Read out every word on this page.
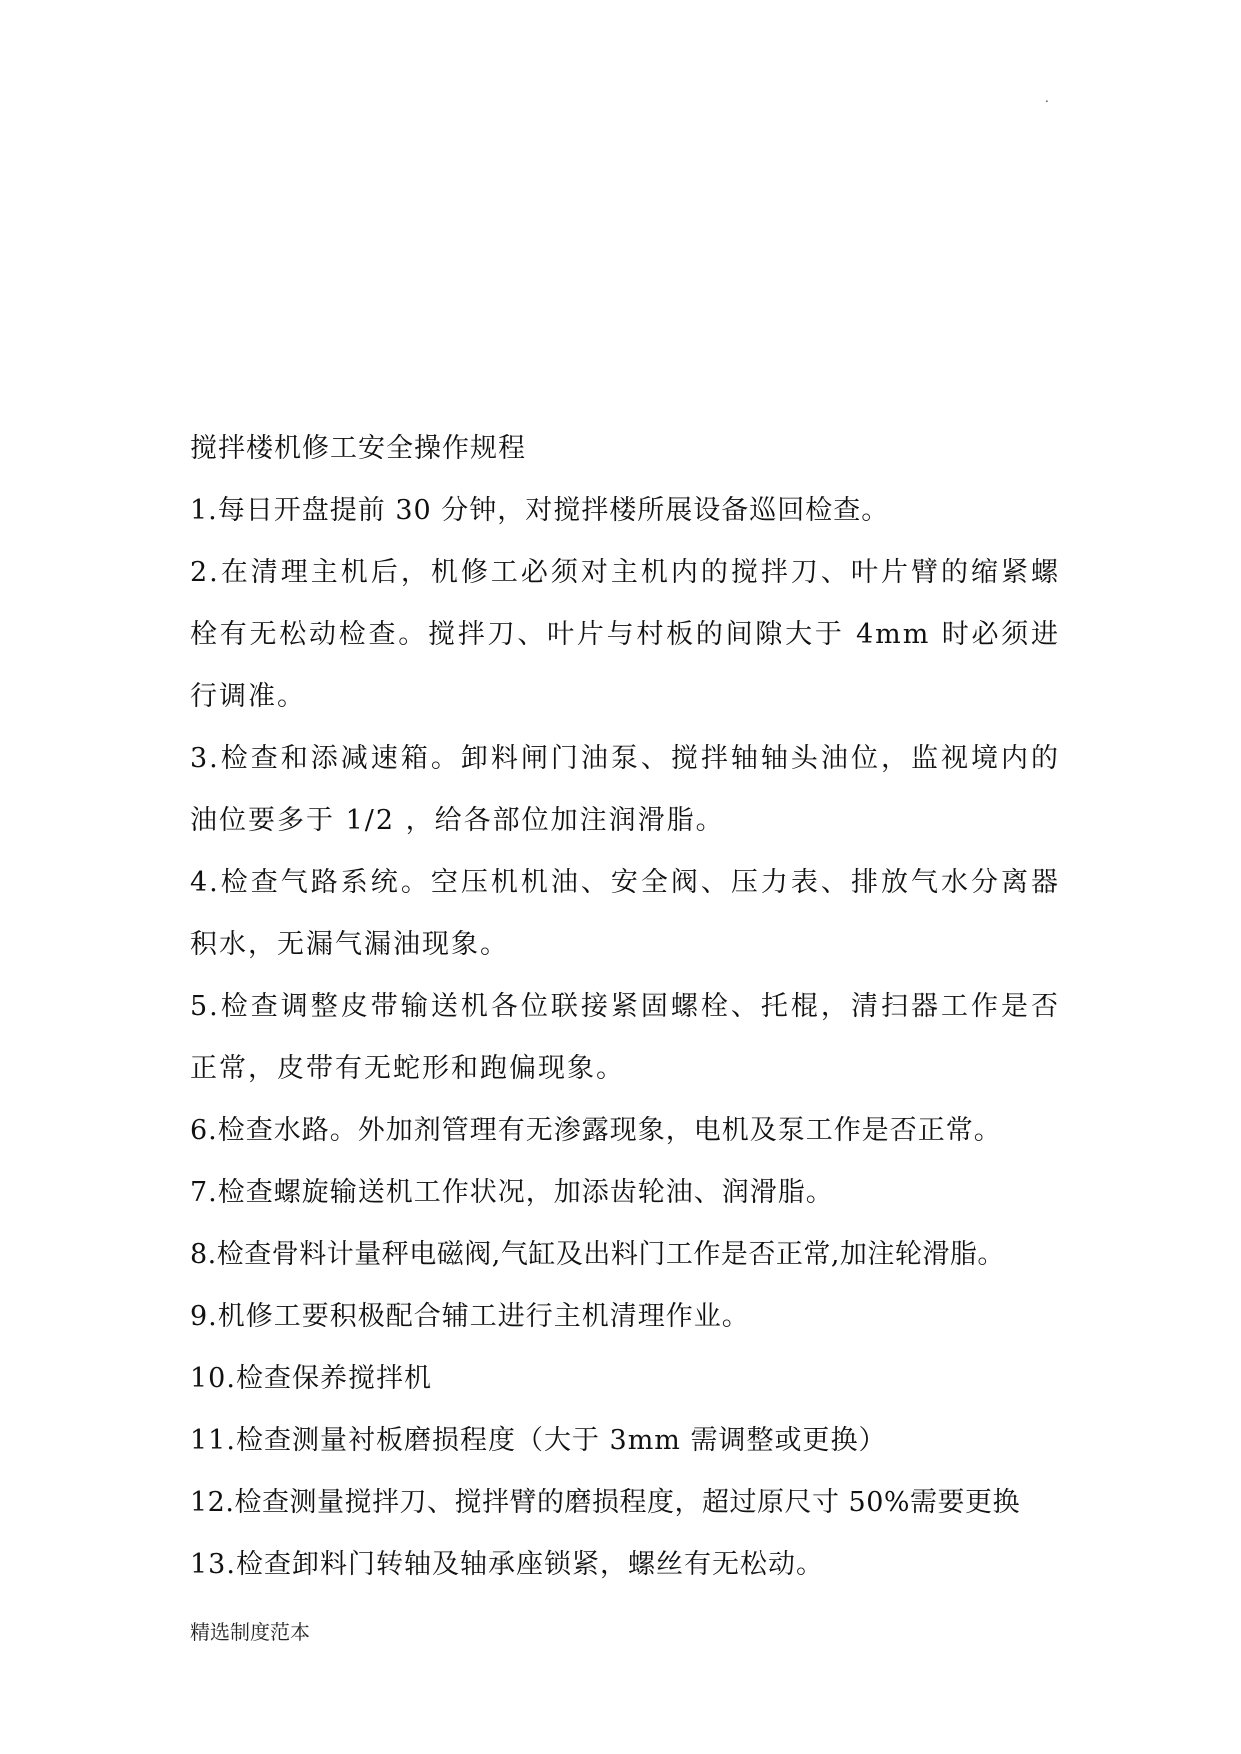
.
搅拌楼机修工安全操作规程
1.每日开盘提前 30 分钟，对搅拌楼所展设备巡回检查。
2.在清理主机后，机修工必须对主机内的搅拌刀、叶片臂的缩紧螺栓有无松动检查。搅拌刀、叶片与村板的间隙大于 4mm 时必须进行调准。
3.检查和添减速箱。卸料闸门油泵、搅拌轴轴头油位，监视境内的油位要多于 1/2 ，给各部位加注润滑脂。
4.检查气路系统。空压机机油、安全阀、压力表、排放气水分离器积水，无漏气漏油现象。
5.检查调整皮带输送机各位联接紧固螺栓、托棍，清扫器工作是否正常，皮带有无蛇形和跑偏现象。
6.检查水路。外加剂管理有无渗露现象，电机及泵工作是否正常。
7.检查螺旋输送机工作状况，加添齿轮油、润滑脂。
8.检查骨料计量秤电磁阀,气缸及出料门工作是否正常,加注轮滑脂。
9.机修工要积极配合辅工进行主机清理作业。
10.检查保养搅拌机
11.检查测量衬板磨损程度（大于 3mm 需调整或更换）
12.检查测量搅拌刀、搅拌臂的磨损程度，超过原尺寸 50%需要更换
13.检查卸料门转轴及轴承座锁紧，螺丝有无松动。
精选制度范本
